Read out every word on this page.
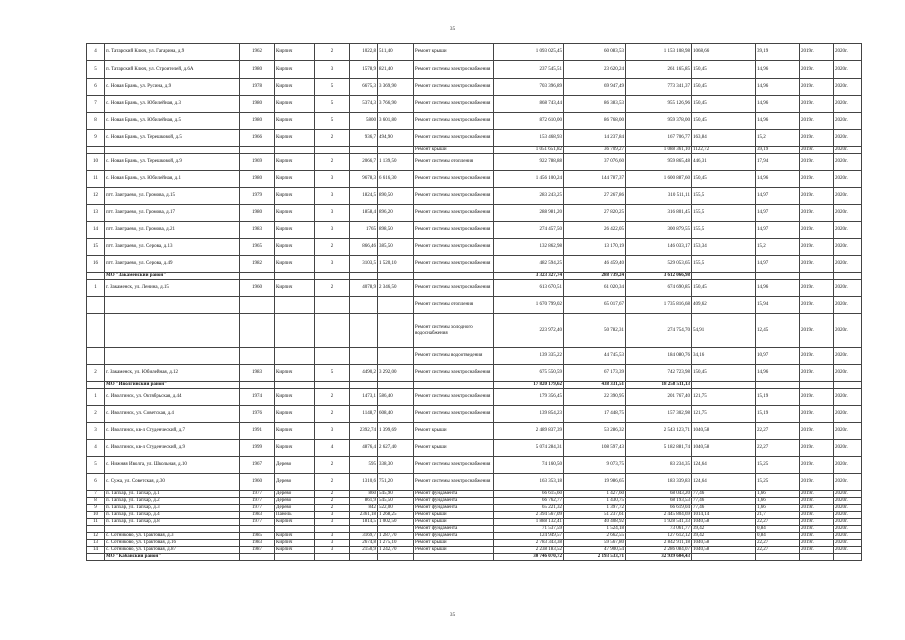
35
4	п. Татарский Ключ, ул. Гагарина, д.9	1962	Кирпич	2	1022,8	511,40	Ремонт крыши	1 093 025,45	60 083,53	1 153 108,98	1068,66	39,19	2019г.	2020г.
5	п. Татарский Ключ, ул. Строителей, д.6А	1980	Кирпич	3	1578,9	821,40	Ремонт системы электроснабжения	237 545,51	23 620,24	261 165,85	150,45	14,96	2019г.	2020г.
6	с. Новая Брань, ул. Русина, д.9	1978	Кирпич	5	6675,3	3 369,90	Ремонт системы электроснабжения	703 396,89	69 947,49	773 341,37	150,45	14,96	2019г.	2020г.
7	с. Новая Брань, ул. Юбилейная, д.3	1980	Кирпич	5	5374,3	3 766,90	Ремонт системы электроснабжения	868 743,44	86 383,53	955 126,96	150,45	14,96	2019г.	2020г.
8	с. Новая Брань, ул. Юбилейная, д.5	1980	Кирпич	5	5800	3 601,80	Ремонт системы электроснабжения	872 610,00	86 768,00	959 378,00	150,45	14,96	2019г.	2020г.
9	с. Новая Брань, ул. Терешковой, д.5	1966	Кирпич	2	936,7	494,90	Ремонт системы электроснабжения	153 468,93	14 237,84	167 706,77	163,84	15,2	2019г.	2020г.
							Ремонт крыши	1 051 651,82	36 709,27	1 088 361,10	1122,72	39,19	2019г.	2020г.
10	с. Новая Брань, ул. Терешковой, д.9	1969	Кирпич	2	2066,7	1 139,50	Ремонт системы отопления	922 788,88	37 076,60	959 865,48	446,31	17,94	2019г.	2020г.
11	с. Новая Брань, ул. Юбилейная, д.1	1980	Кирпич	3	9678,3	6 616,30	Ремонт системы электроснабжения	1 456 100,24	144 787,37	1 600 887,60	150,45	14,96	2019г.	2020г.
12	пгт. Заиграево, ул. Громова, д.15	1979	Кирпич	3	1824,5	890,50	Ремонт системы электроснабжения	283 243,25	27 267,86	310 511,11	155,5	14,97	2019г.	2020г.
13	пгт. Заиграево, ул. Громова, д.17	1980	Кирпич	3	1858,4	896,20	Ремонт системы электроснабжения	288 981,20	27 820,25	316 801,45	155,5	14,97	2019г.	2020г.
14	пгт. Заиграево, ул. Громова, д.21	1983	Кирпич	3	1765	898,50	Ремонт системы электроснабжения	274 457,50	26 422,05	300 879,55	155,5	14,97	2019г.	2020г.
15	пгт. Заиграево, ул. Серова, д.13	1965	Кирпич	2	866,46	385,50	Ремонт системы электроснабжения	132 862,98	13 170,19	146 033,17	153,34	15,2	2019г.	2020г.
16	пгт. Заиграево, ул. Серова, д.49	1982	Кирпич	3	3103,5	1 520,10	Ремонт системы электроснабжения	482 594,25	46 459,40	529 053,65	155,5	14,97	2019г.	2020г.
	МО "Закаменский район"							3 323 327,74	288 739,24	3 612 066,98				
1	г. Закаменск, ул. Ленина, д.15	1960	Кирпич	2	4078,9	2 346,50	Ремонт системы электроснабжения	613 670,51	61 020,34	674 690,85	150,45	14,96	2019г.	2020г.
							Ремонт системы отопления	1 670 799,02	65 017,67	1 735 816,68	409,62	15,94	2019г.	2020г.
							Ремонт системы холодного водоснабжения	223 972,40	50 782,31	274 754,70	54,91	12,45	2019г.	2020г.
							Ремонт системы водоотведения	139 335,22	44 745,53	184 080,76	34,16	10,97	2019г.	2020г.
2	г. Закаменск, ул. Юбилейная, д.12	1983	Кирпич	5	4490,2	3 292,00	Ремонт системы электроснабжения	675 550,59	67 173,39	742 723,98	150,45	14,96	2019г.	2020г.
	МО "Иволгинский район"							17 820 179,62	438 331,51	18 258 511,13				
1	с. Иволгинск, ул. Октябрьская, д.44	1974	Кирпич	2	1473,1	586,40	Ремонт системы электроснабжения	179 356,45	22 390,95	201 767,40	121,75	15,19	2019г.	2020г.
2	с. Иволгинск, ул. Советская, д.4	1976	Кирпич	2	1148,7	608,40	Ремонт системы электроснабжения	139 854,23	17 448,75	157 302,98	121,75	15,19	2019г.	2020г.
3	с. Иволгинск, кв-л Студенческий, д.7	1991	Кирпич	3	2392,74	1 399,69	Ремонт крыши	2 489 837,39	53 286,32	2 543 123,71	1040,58	22,27	2019г.	2020г.
4	с. Иволгинск, кв-л Студенческий, д.9	1999	Кирпич	4	4876,4	2 627,40	Ремонт крыши	5 074 284,31	108 597,43	5 182 881,74	1040,58	22,27	2019г.	2020г.
5	с. Нижняя Иволга, ул. Школьная, д.10	1967	Дерево	2	595	338,30	Ремонт системы электроснабжения	74 160,50	9 073,75	83 234,35	124,64	15,25	2019г.	2020г.
6	с. Сужа, ул. Советская, д.30	1960	Дерево	2	1310,6	751,20	Ремонт системы электроснабжения	163 353,18	19 986,65	183 339,83	124,64	15,25	2019г.	2020г.
7	п. Тапхар, ул. Тапхар, д.1	1977	Дерево	2	860	545,90	Ремонт фундамента	66 615,60	1 427,60	68 043,20	77,46	1,66	2019г.	2020г.
8	п. Тапхар, ул. Тапхар, д.2	1977	Дерево	2	861,9	545,50	Ремонт фундамента	66 762,77	1 430,75	68 193,53	77,46	1,66	2019г.	2020г.
9	п. Тапхар, ул. Тапхар, д.3	1977	Дерево	2	842	522,00	Ремонт фундамента	65 221,32	1 397,72	66 619,04	77,46	1,66	2019г.	2020г.
10	п. Тапхар, ул. Тапхар, д.4	1983	Панель	3	2361,18	1 268,25	Ремонт крыши	2 394 567,09	51 237,61	2 445 804,69	1014,14	21,7	2019г.	2020г.
11	п. Тапхар, ул. Тапхар, д.8	1977	Кирпич	3	1814,5	1 002,50	Ремонт крыши	1 888 132,41	40 408,92	1 928 541,33	1040,58	22,27	2019г.	2020г.
							Ремонт фундамента	71 537,59	1 524,18	73 061,77	39,42	0,84	2019г.	2020г.
12	с. Сотниково, ул. Трактовая, д.3	1985	Кирпич	3	3169,7	1 287,70	Ремонт фундамента	124 949,57	2 662,55	127 612,12	39,42	0,84	2019г.	2020г.
13	с. Сотниково, ул. Трактовая, д.16	1983	Кирпич	3	2674,8	1 275,10	Ремонт крыши	2 783 343,38	59 567,80	2 842 911,18	1040,58	22,27	2019г.	2020г.
14	с. Сотниково, ул. Трактовая, д.87	1987	Кирпич	3	2150,9	1 242,70	Ремонт крыши	2 238 183,52	47 900,54	2 286 084,07	1040,58	22,27	2019г.	2020г.
	МО "Кабанский район"							30 746 070,72	2 193 533,71	32 939 604,43				
35
